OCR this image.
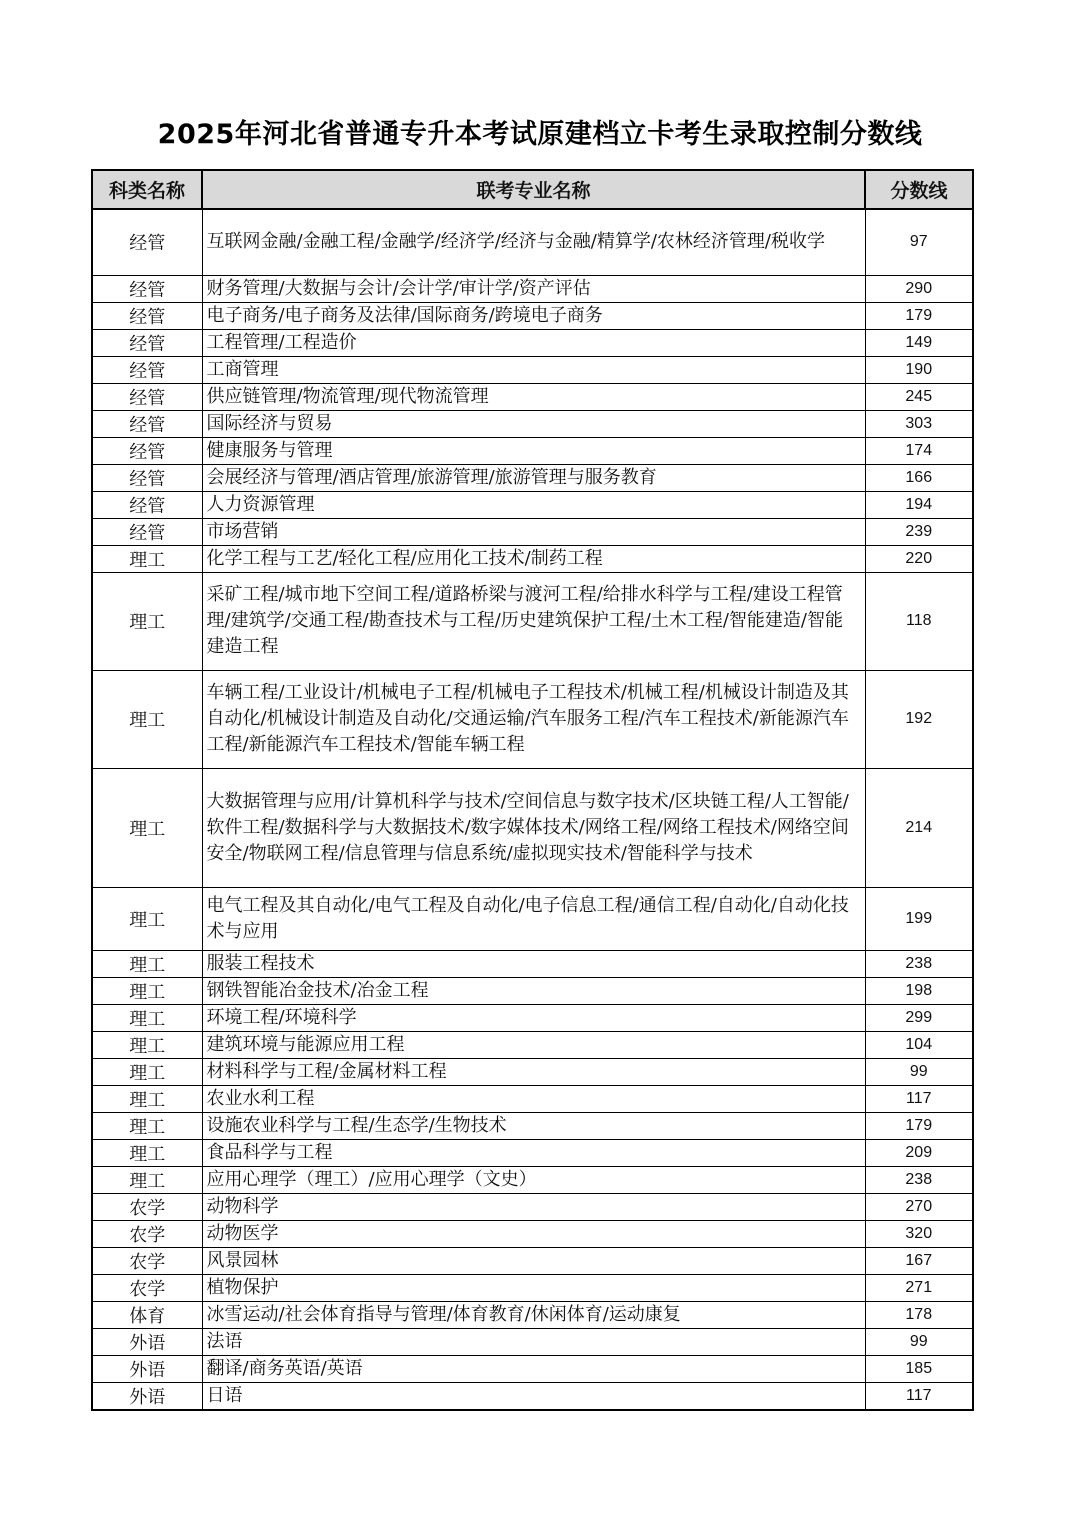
2025年河北省普通专升本考试原建档立卡考生录取控制分数线
科类名称	联考专业名称	分数线
经管	互联网金融/金融工程/金融学/经济学/经济与金融/精算学/农林经济管理/税收学	97
经管	财务管理/大数据与会计/会计学/审计学/资产评估	290
经管	电子商务/电子商务及法律/国际商务/跨境电子商务	179
经管	工程管理/工程造价	149
经管	工商管理	190
经管	供应链管理/物流管理/现代物流管理	245
经管	国际经济与贸易	303
经管	健康服务与管理	174
经管	会展经济与管理/酒店管理/旅游管理/旅游管理与服务教育	166
经管	人力资源管理	194
经管	市场营销	239
理工	化学工程与工艺/轻化工程/应用化工技术/制药工程	220
理工	采矿工程/城市地下空间工程/道路桥梁与渡河工程/给排水科学与工程/建设工程管理/建筑学/交通工程/勘查技术与工程/历史建筑保护工程/土木工程/智能建造/智能建造工程	118
理工	车辆工程/工业设计/机械电子工程/机械电子工程技术/机械工程/机械设计制造及其自动化/机械设计制造及自动化/交通运输/汽车服务工程/汽车工程技术/新能源汽车工程/新能源汽车工程技术/智能车辆工程	192
理工	大数据管理与应用/计算机科学与技术/空间信息与数字技术/区块链工程/人工智能/软件工程/数据科学与大数据技术/数字媒体技术/网络工程/网络工程技术/网络空间安全/物联网工程/信息管理与信息系统/虚拟现实技术/智能科学与技术	214
理工	电气工程及其自动化/电气工程及自动化/电子信息工程/通信工程/自动化/自动化技术与应用	199
理工	服装工程技术	238
理工	钢铁智能冶金技术/冶金工程	198
理工	环境工程/环境科学	299
理工	建筑环境与能源应用工程	104
理工	材料科学与工程/金属材料工程	99
理工	农业水利工程	117
理工	设施农业科学与工程/生态学/生物技术	179
理工	食品科学与工程	209
理工	应用心理学（理工）/应用心理学（文史）	238
农学	动物科学	270
农学	动物医学	320
农学	风景园林	167
农学	植物保护	271
体育	冰雪运动/社会体育指导与管理/体育教育/休闲体育/运动康复	178
外语	法语	99
外语	翻译/商务英语/英语	185
外语	日语	117
